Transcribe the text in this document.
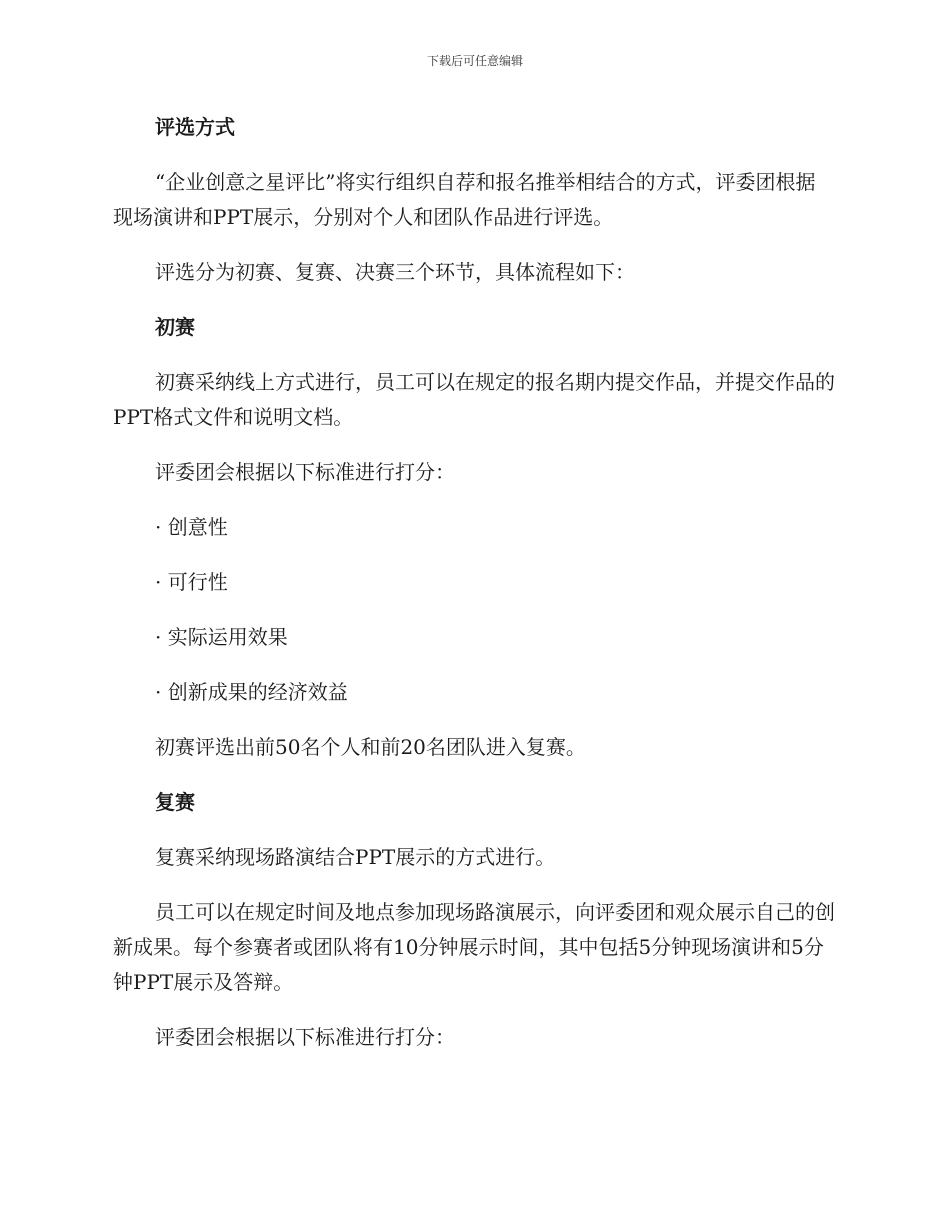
下载后可任意编辑

评选方式

“企业创意之星评比”将实行组织自荐和报名推举相结合的方式，评委团根据现场演讲和PPT展示，分别对个人和团队作品进行评选。

评选分为初赛、复赛、决赛三个环节，具体流程如下：

初赛

初赛采纳线上方式进行，员工可以在规定的报名期内提交作品，并提交作品的PPT格式文件和说明文档。

评委团会根据以下标准进行打分：

· 创意性

· 可行性

· 实际运用效果

· 创新成果的经济效益

初赛评选出前50名个人和前20名团队进入复赛。

复赛

复赛采纳现场路演结合PPT展示的方式进行。

员工可以在规定时间及地点参加现场路演展示，向评委团和观众展示自己的创新成果。每个参赛者或团队将有10分钟展示时间，其中包括5分钟现场演讲和5分钟PPT展示及答辩。

评委团会根据以下标准进行打分：
